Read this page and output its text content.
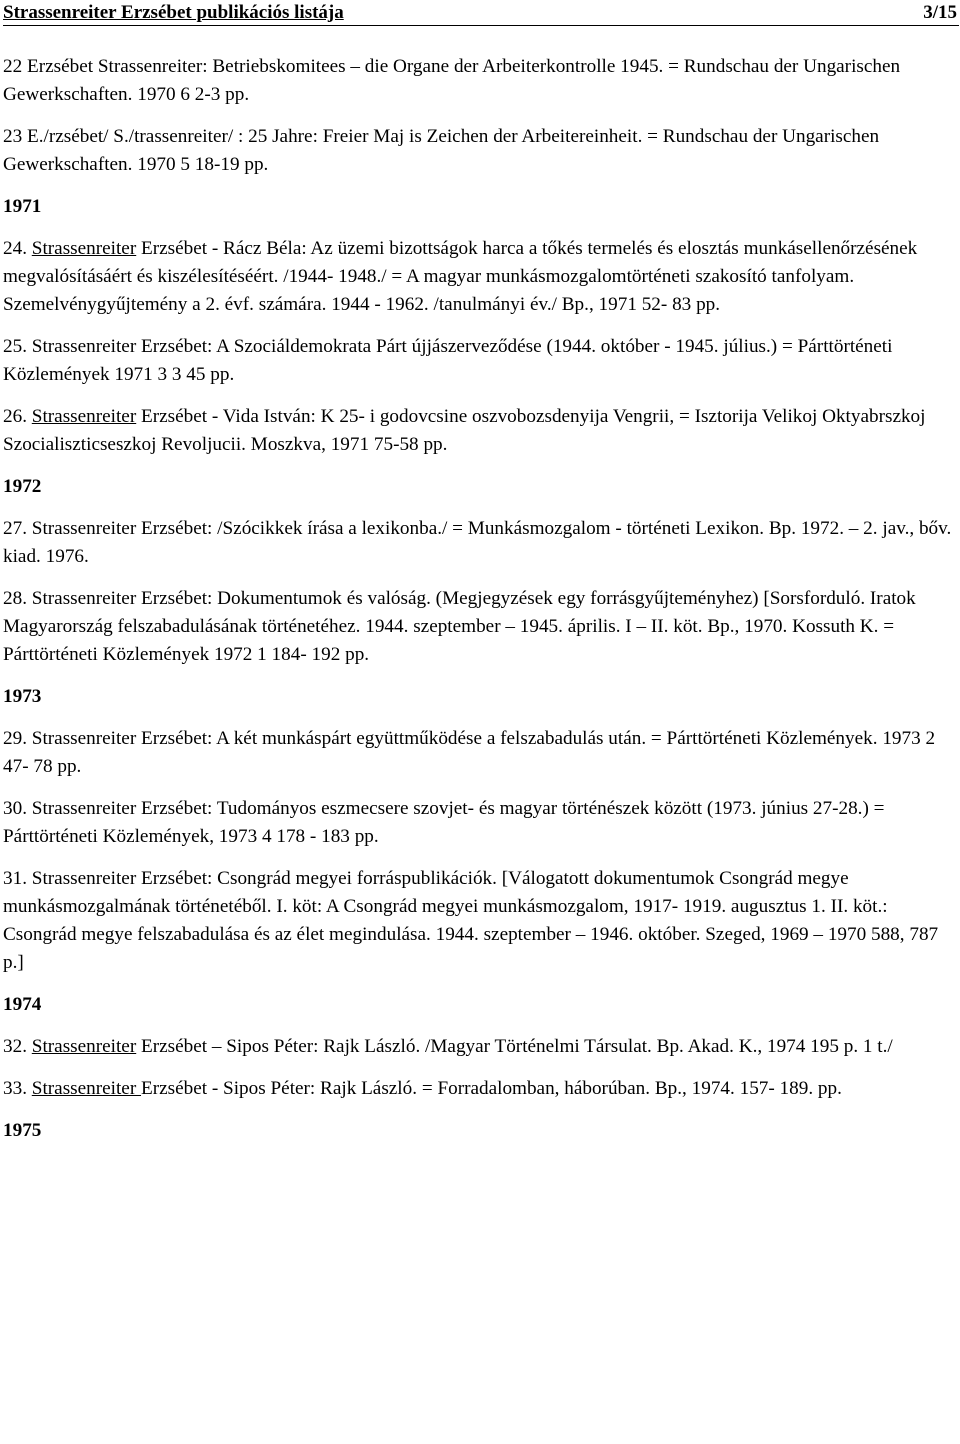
Strassenreiter Erzsébet publikációs listája	3/15
22 Erzsébet Strassenreiter: Betriebskomitees – die Organe der Arbeiterkontrolle 1945. = Rundschau der Ungarischen Gewerkschaften. 1970 6 2-3 pp.
23 E./rzsébet/ S./trassenreiter/ : 25 Jahre: Freier Maj is Zeichen der Arbeitereinheit. = Rundschau der Ungarischen Gewerkschaften. 1970 5 18-19 pp.
1971
24. Strassenreiter Erzsébet - Rácz Béla: Az üzemi bizottságok harca a tőkés termelés és elosztás munkásellenőrzésének megvalósításáért és kiszélesítéséért. /1944- 1948./ = A magyar munkásmozgalomtörténeti szakosító tanfolyam. Szemelvénygyűjtemény a 2. évf. számára. 1944 - 1962. /tanulmányi év./ Bp., 1971 52- 83 pp.
25. Strassenreiter Erzsébet: A Szociáldemokrata Párt újjászerveződése (1944. október - 1945. július.) = Párttörténeti Közlemények 1971 3 3 45 pp.
26. Strassenreiter Erzsébet - Vida István: K 25- i godovcsine oszvobozsdenyija Vengrii, = Isztorija Velikoj Oktyabrszkoj Szocialiszticseszkoj Revoljucii. Moszkva, 1971 75-58 pp.
1972
27. Strassenreiter Erzsébet: /Szócikkek írása a lexikonba./ = Munkásmozgalom - történeti Lexikon. Bp. 1972. – 2. jav., bőv. kiad. 1976.
28. Strassenreiter Erzsébet: Dokumentumok és valóság. (Megjegyzések egy forrásgyűjteményhez) [Sorsforduló. Iratok Magyarország felszabadulásának történetéhez. 1944. szeptember – 1945. április. I – II. köt. Bp., 1970. Kossuth K. = Párttörténeti Közlemények 1972 1 184- 192 pp.
1973
29. Strassenreiter Erzsébet: A két munkáspárt együttműködése a felszabadulás után. = Párttörténeti Közlemények. 1973 2 47- 78 pp.
30. Strassenreiter Erzsébet: Tudományos eszmecsere szovjet- és magyar történészek között (1973. június 27-28.) = Párttörténeti Közlemények, 1973 4 178 - 183 pp.
31. Strassenreiter Erzsébet: Csongrád megyei forráspublikációk. [Válogatott dokumentumok Csongrád megye munkásmozgalmának történetéből. I. köt: A Csongrád megyei munkásmozgalom, 1917- 1919. augusztus 1. II. köt.: Csongrád megye felszabadulása és az élet megindulása. 1944. szeptember – 1946. október. Szeged, 1969 – 1970 588, 787 p.]
1974
32. Strassenreiter Erzsébet – Sipos Péter: Rajk László. /Magyar Történelmi Társulat. Bp. Akad. K., 1974 195 p. 1 t./
33. Strassenreiter Erzsébet - Sipos Péter: Rajk László. = Forradalomban, háborúban. Bp., 1974. 157- 189. pp.
1975
